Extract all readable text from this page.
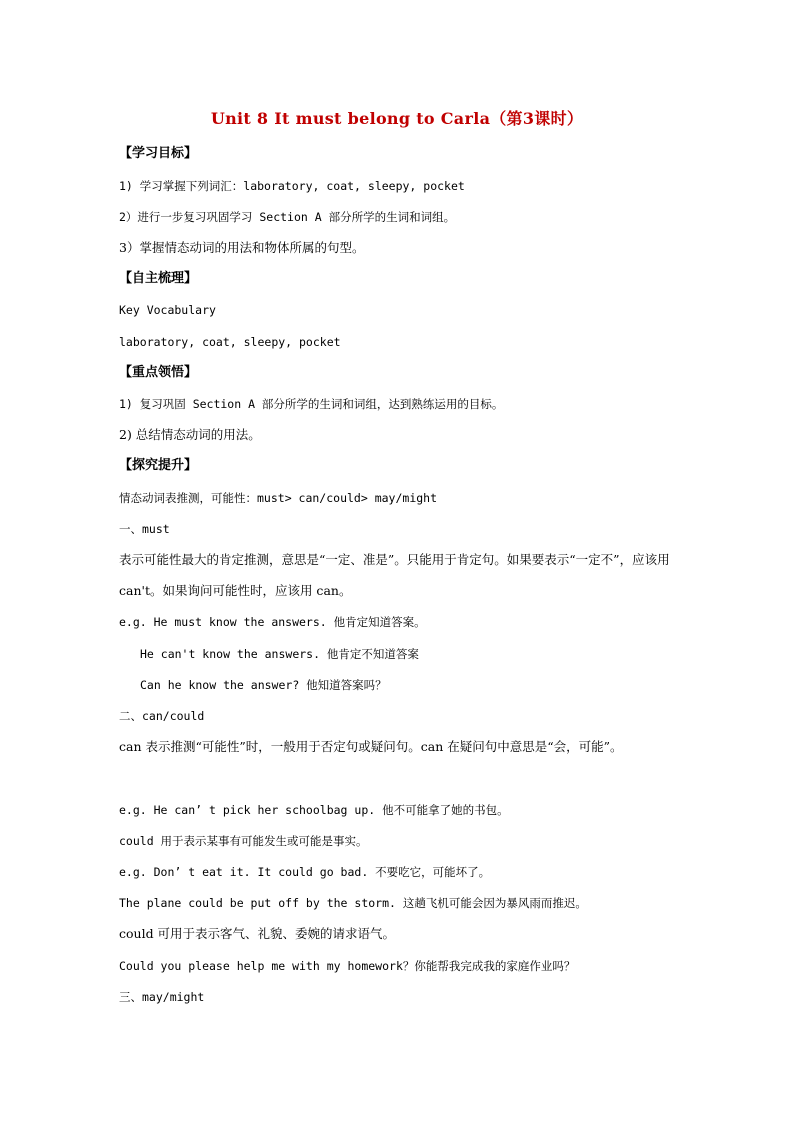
Unit 8 It must belong to Carla（第3课时）
【学习目标】
1) 学习掌握下列词汇：laboratory, coat, sleepy, pocket
2）进行一步复习巩固学习 Section A 部分所学的生词和词组。
3）掌握情态动词的用法和物体所属的句型。
【自主梳理】
Key Vocabulary
laboratory, coat, sleepy, pocket
【重点领悟】
1) 复习巩固 Section A 部分所学的生词和词组，达到熟练运用的目标。
2) 总结情态动词的用法。
【探究提升】
情态动词表推测，可能性：must> can/could> may/might
一、must
表示可能性最大的肯定推测，意思是“一定、准是”。只能用于肯定句。如果要表示“一定不”，应该用 can't。如果询问可能性时，应该用 can。
e.g. He must know the answers. 他肯定知道答案。
He can't know the answers. 他肯定不知道答案
Can he know the answer? 他知道答案吗？
二、can/could
can 表示推测“可能性”时，一般用于否定句或疑问句。can 在疑问句中意思是“会，可能”。
e.g. He can’ t pick her schoolbag up. 他不可能拿了她的书包。
could 用于表示某事有可能发生或可能是事实。
e.g. Don’ t eat it. It could go bad. 不要吃它，可能坏了。
The plane could be put off by the storm. 这趟飞机可能会因为暴风雨而推迟。
could 可用于表示客气、礼貌、委婉的请求语气。
Could you please help me with my homework？你能帮我完成我的家庭作业吗？
三、may/might
